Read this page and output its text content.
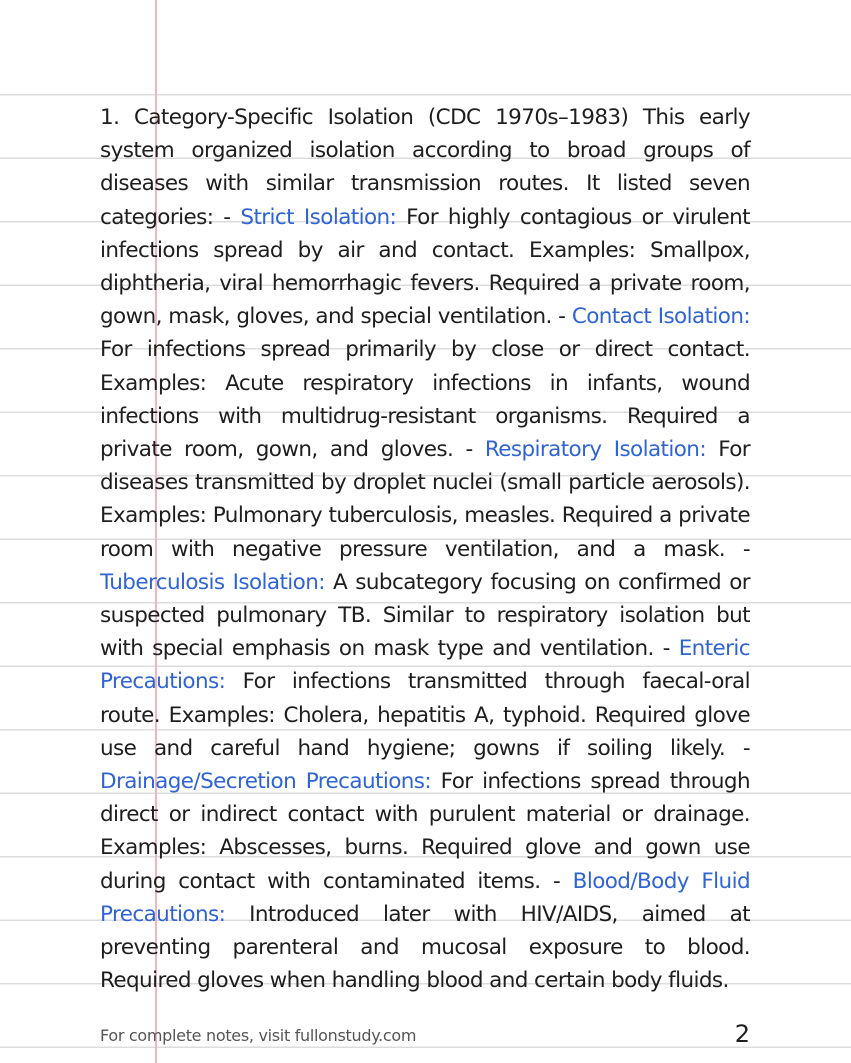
1. Category-Specific Isolation (CDC 1970s–1983) This early system organized isolation according to broad groups of diseases with similar transmission routes. It listed seven categories: - Strict Isolation: For highly contagious or virulent infections spread by air and contact. Examples: Smallpox, diphtheria, viral hemorrhagic fevers. Required a private room, gown, mask, gloves, and special ventilation. - Contact Isolation: For infections spread primarily by close or direct contact. Examples: Acute respiratory infections in infants, wound infections with multidrug-resistant organisms. Required a private room, gown, and gloves. - Respiratory Isolation: For diseases transmitted by droplet nuclei (small particle aerosols). Examples: Pulmonary tuberculosis, measles. Required a private room with negative pressure ventilation, and a mask. - Tuberculosis Isolation: A subcategory focusing on confirmed or suspected pulmonary TB. Similar to respiratory isolation but with special emphasis on mask type and ventilation. - Enteric Precautions: For infections transmitted through faecal-oral route. Examples: Cholera, hepatitis A, typhoid. Required glove use and careful hand hygiene; gowns if soiling likely. - Drainage/Secretion Precautions: For infections spread through direct or indirect contact with purulent material or drainage. Examples: Abscesses, burns. Required glove and gown use during contact with contaminated items. - Blood/Body Fluid Precautions: Introduced later with HIV/AIDS, aimed at preventing parenteral and mucosal exposure to blood. Required gloves when handling blood and certain body fluids.
For complete notes, visit fullonstudy.com	2
